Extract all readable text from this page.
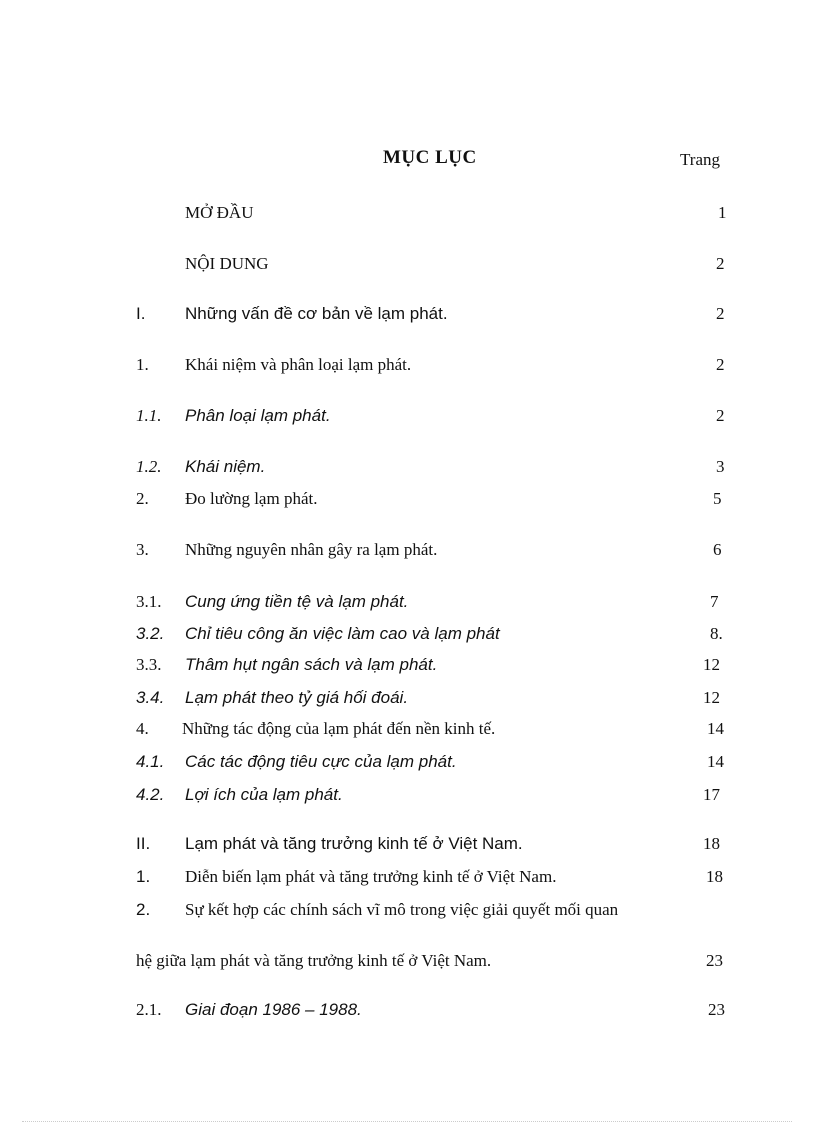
MỤC LỤC	Trang
MỞ ĐẦU	1
NỘI DUNG	2
I. Những vấn đề cơ bản về lạm phát.	2
1. Khái niệm và phân loại lạm phát.	2
1.1. Phân loại lạm phát.	2
1.2. Khái niệm.	3
2. Đo lường lạm phát.	5
3. Những nguyên nhân gây ra lạm phát.	6
3.1. Cung ứng tiền tệ và lạm phát.	7
3.2. Chỉ tiêu công ăn việc làm cao và lạm phát	8.
3.3. Thâm hụt ngân sách và lạm phát.	12
3.4. Lạm phát theo tỷ giá hối đoái.	12
4. Những tác động của lạm phát đến nền kinh tế.	14
4.1. Các tác động tiêu cực của lạm phát.	14
4.2. Lợi ích của lạm phát.	17
II. Lạm phát và tăng trưởng kinh tế ở Việt Nam.	18
1. Diễn biến lạm phát và tăng trưởng kinh tế ở Việt Nam.	18
2. Sự kết hợp các chính sách vĩ mô trong việc giải quyết mối quan
hệ giữa lạm phát và tăng trưởng kinh tế ở Việt Nam.	23
2.1. Giai đoạn 1986 – 1988.	23
